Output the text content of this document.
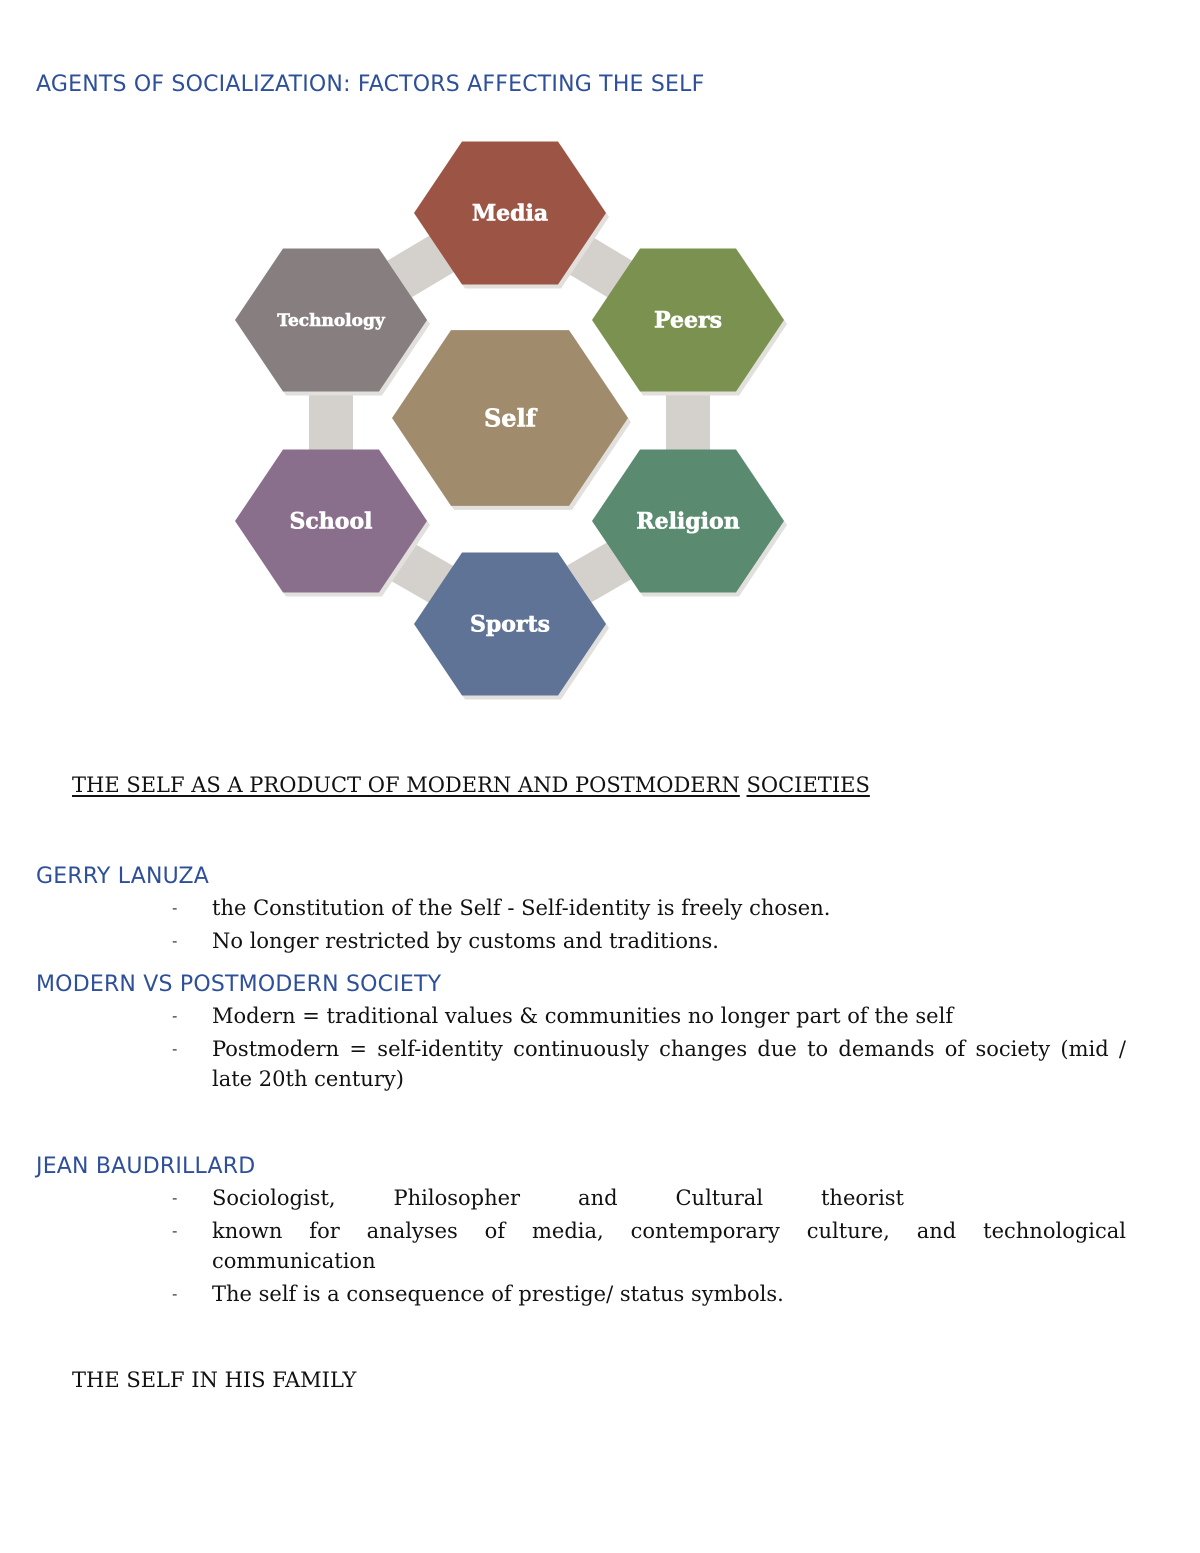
AGENTS OF SOCIALIZATION: FACTORS AFFECTING THE SELF
Media
Peers
Religion
Sports
School
Technology
Self
THE SELF AS A PRODUCT OF MODERN AND POSTMODERN SOCIETIES
GERRY LANUZA
- the Constitution of the Self - Self-identity is freely chosen.
- No longer restricted by customs and traditions.
MODERN VS POSTMODERN SOCIETY
- Modern = traditional values & communities no longer part of the self
- Postmodern = self-identity continuously changes due to demands of society (mid / late 20th century)
JEAN BAUDRILLARD
- Sociologist, Philosopher and Cultural theorist
- known for analyses of media, contemporary culture, and technological communication
- The self is a consequence of prestige/ status symbols.
THE SELF IN HIS FAMILY
